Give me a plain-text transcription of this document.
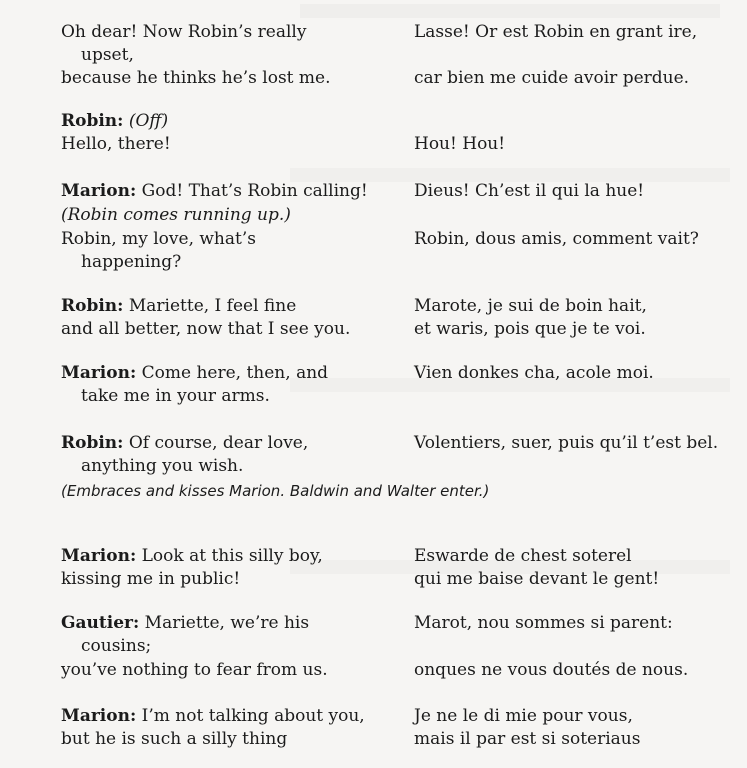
Oh dear! Now Robin’s really
upset,
because he thinks he’s lost me.
Lasse! Or est Robin en grant ire,
car bien me cuide avoir perdue.
Robin: (Off)
Hello, there!	Hou! Hou!
Marion: God! That’s Robin calling!	Dieus! Ch’est il qui la hue!
(Robin comes running up.)
Robin, my love, what’s
happening?
Robin, dous amis, comment vait?
Robin: Mariette, I feel fine
and all better, now that I see you.
Marote, je sui de boin hait,
et waris, pois que je te voi.
Marion: Come here, then, and
take me in your arms.
Vien donkes cha, acole moi.
Robin: Of course, dear love,
anything you wish.
Volentiers, suer, puis qu’il t’est bel.
(Embraces and kisses Marion. Baldwin and Walter enter.)
Marion: Look at this silly boy,
kissing me in public!
Eswarde de chest soterel
qui me baise devant le gent!
Gautier: Mariette, we’re his
cousins;
you’ve nothing to fear from us.
Marot, nou sommes si parent:
onques ne vous doutés de nous.
Marion: I’m not talking about you,
but he is such a silly thing
Je ne le di mie pour vous,
mais il par est si soteriaus
